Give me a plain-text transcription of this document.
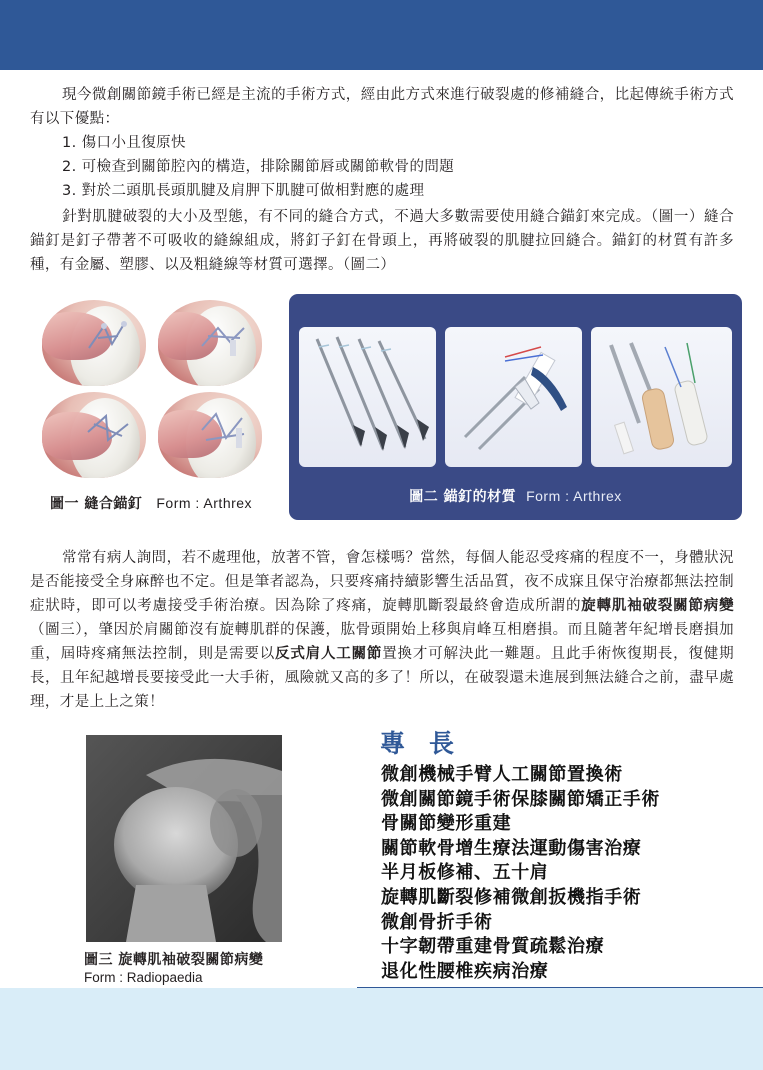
現今微創關節鏡手術已經是主流的手術方式，經由此方式來進行破裂處的修補縫合，比起傳統手術方式有以下優點：

1. 傷口小且復原快
2. 可檢查到關節腔內的構造，排除關節唇或關節軟骨的問題
3. 對於二頭肌長頭肌腱及肩胛下肌腱可做相對應的處理

針對肌腱破裂的大小及型態，有不同的縫合方式，不過大多數需要使用縫合錨釘來完成。（圖一）縫合錨釘是釘子帶著不可吸收的縫線組成，將釘子釘在骨頭上，再將破裂的肌腱拉回縫合。錨釘的材質有許多種，有金屬、塑膠、以及粗縫線等材質可選擇。（圖二）

圖一 縫合錨釘 Form : Arthrex	圖二 錨釘的材質 Form : Arthrex

常常有病人詢問，若不處理他，放著不管，會怎樣嗎？當然，每個人能忍受疼痛的程度不一，身體狀況是否能接受全身麻醉也不定。但是筆者認為，只要疼痛持續影響生活品質，夜不成寐且保守治療都無法控制症狀時，即可以考慮接受手術治療。因為除了疼痛，旋轉肌斷裂最終會造成所謂的旋轉肌袖破裂關節病變（圖三），肇因於肩關節沒有旋轉肌群的保護，肱骨頭開始上移與肩峰互相磨損。而且隨著年紀增長磨損加重，屆時疼痛無法控制，則是需要以反式肩人工關節置換才可解決此一難題。且此手術恢復期長，復健期長，且年紀越增長要接受此一大手術，風險就又高的多了！所以，在破裂還未進展到無法縫合之前，盡早處理，才是上上之策！

圖三 旋轉肌袖破裂關節病變
Form : Radiopaedia
專長
微創機械手臂人工關節置換術
微創關節鏡手術保膝關節矯正手術
骨關節變形重建
關節軟骨增生療法運動傷害治療
半月板修補、五十肩
旋轉肌斷裂修補微創扳機指手術
微創骨折手術
十字韌帶重建骨質疏鬆治療
退化性腰椎疾病治療
